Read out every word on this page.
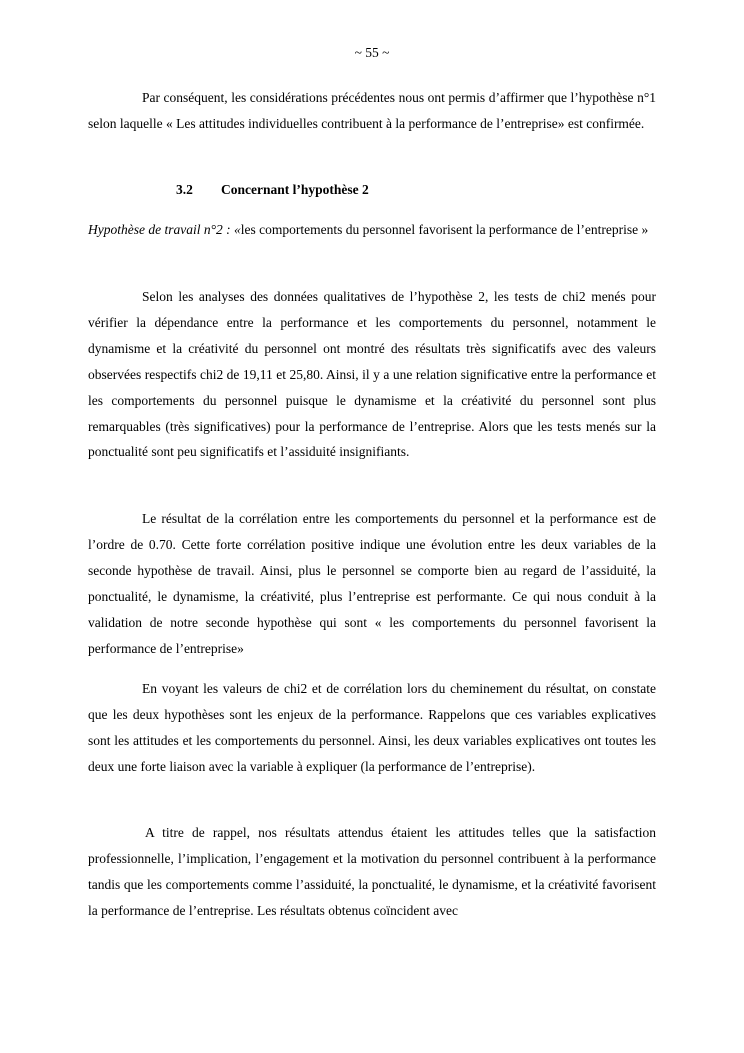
~ 55 ~

Par conséquent, les considérations précédentes nous ont permis d’affirmer que l’hypothèse n°1 selon laquelle « Les attitudes individuelles contribuent à la performance de l’entreprise» est confirmée.

Hypothèse de travail n°2 : «les comportements du personnel favorisent la performance de l’entreprise »

Selon les analyses des données qualitatives de l’hypothèse 2, les tests de chi2 menés pour vérifier la dépendance entre la performance et les comportements du personnel, notamment le dynamisme et la créativité du personnel ont montré des résultats très significatifs avec des valeurs observées respectifs chi2 de 19,11 et 25,80. Ainsi, il y a une relation significative entre la performance et les comportements du personnel puisque le dynamisme et la créativité du personnel sont plus remarquables (très significatives) pour la performance de l’entreprise. Alors que les tests menés sur la ponctualité sont peu significatifs et l’assiduité insignifiants.

Le résultat de la corrélation entre les comportements du personnel et la performance est de l’ordre de 0.70. Cette forte corrélation positive indique une évolution entre les deux variables de la seconde hypothèse de travail. Ainsi, plus le personnel se comporte bien au regard de l’assiduité, la ponctualité, le dynamisme, la créativité, plus l’entreprise est performante. Ce qui nous conduit à la validation de notre seconde hypothèse qui sont « les comportements du personnel favorisent la performance de l’entreprise»

En voyant les valeurs de chi2 et de corrélation lors du cheminement du résultat, on constate que les deux hypothèses sont les enjeux de la performance. Rappelons que ces variables explicatives sont les attitudes et les comportements du personnel. Ainsi, les deux variables explicatives ont toutes les deux une forte liaison avec la variable à expliquer (la performance de l’entreprise).

A titre de rappel, nos résultats attendus étaient les attitudes telles que la satisfaction professionnelle, l’implication, l’engagement et la motivation du personnel contribuent à la performance tandis que les comportements comme l’assiduité, la ponctualité, le dynamisme, et la créativité favorisent la performance de l’entreprise. Les résultats obtenus coïncident avec

3.2 Concernant l’hypothèse 2
